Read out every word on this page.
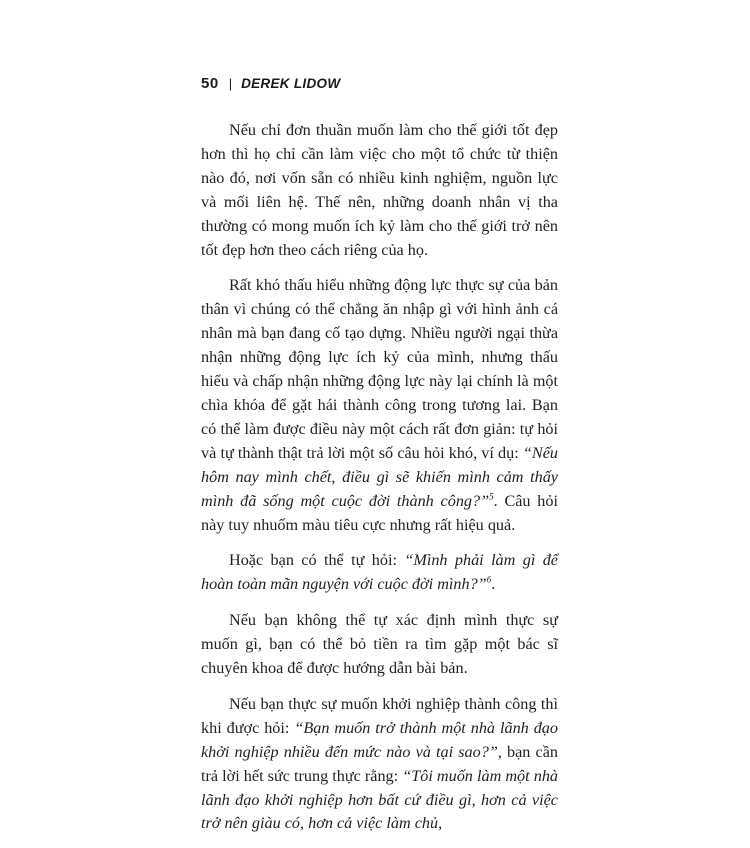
50 | DEREK LIDOW

Nếu chỉ đơn thuần muốn làm cho thế giới tốt đẹp hơn thì họ chỉ cần làm việc cho một tổ chức từ thiện nào đó, nơi vốn sẵn có nhiều kinh nghiệm, nguồn lực và mối liên hệ. Thế nên, những doanh nhân vị tha thường có mong muốn ích kỷ làm cho thế giới trở nên tốt đẹp hơn theo cách riêng của họ.

Rất khó thấu hiểu những động lực thực sự của bản thân vì chúng có thể chẳng ăn nhập gì với hình ảnh cá nhân mà bạn đang cố tạo dựng. Nhiều người ngại thừa nhận những động lực ích kỷ của mình, nhưng thấu hiểu và chấp nhận những động lực này lại chính là một chìa khóa để gặt hái thành công trong tương lai. Bạn có thể làm được điều này một cách rất đơn giản: tự hỏi và tự thành thật trả lời một số câu hỏi khó, ví dụ: “Nếu hôm nay mình chết, điều gì sẽ khiến mình cảm thấy mình đã sống một cuộc đời thành công?”$^5$. Câu hỏi này tuy nhuốm màu tiêu cực nhưng rất hiệu quả.

Hoặc bạn có thể tự hỏi: “Mình phải làm gì để hoàn toàn mãn nguyện với cuộc đời mình?”$^6$.

Nếu bạn không thể tự xác định mình thực sự muốn gì, bạn có thể bỏ tiền ra tìm gặp một bác sĩ chuyên khoa để được hướng dẫn bài bản.

Nếu bạn thực sự muốn khởi nghiệp thành công thì khi được hỏi: “Bạn muốn trở thành một nhà lãnh đạo khởi nghiệp nhiều đến mức nào và tại sao?”, bạn cần trả lời hết sức trung thực rằng: “Tôi muốn làm một nhà lãnh đạo khởi nghiệp hơn bất cứ điều gì, hơn cả việc trở nên giàu có, hơn cả việc làm chủ,
